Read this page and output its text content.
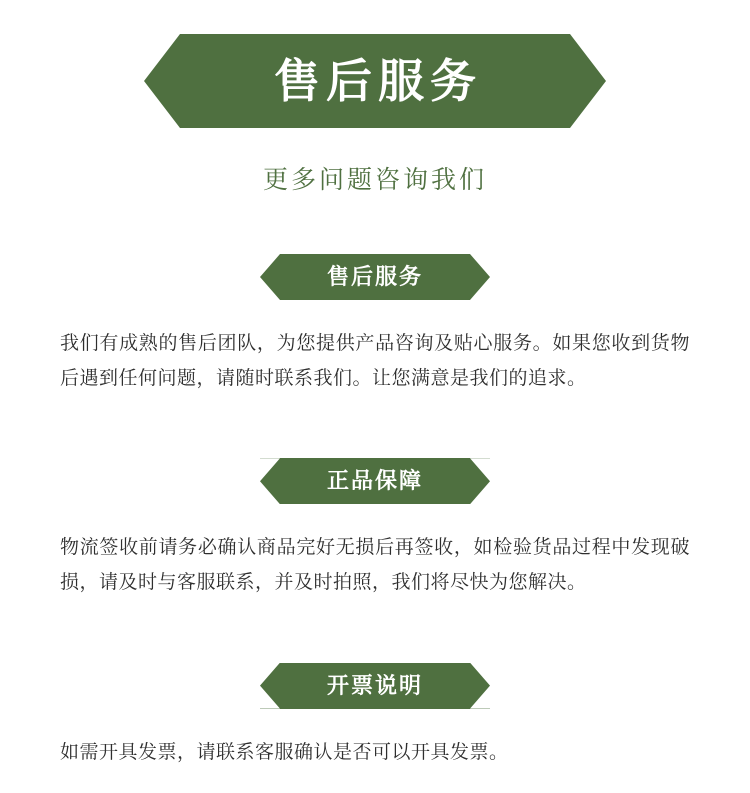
售后服务
更多问题咨询我们
售后服务

我们有成熟的售后团队，为您提供产品咨询及贴心服务。如果您收到货物后遇到任何问题，请随时联系我们。让您满意是我们的追求。

正品保障

物流签收前请务必确认商品完好无损后再签收，如检验货品过程中发现破损，请及时与客服联系，并及时拍照，我们将尽快为您解决。

开票说明

如需开具发票，请联系客服确认是否可以开具发票。
